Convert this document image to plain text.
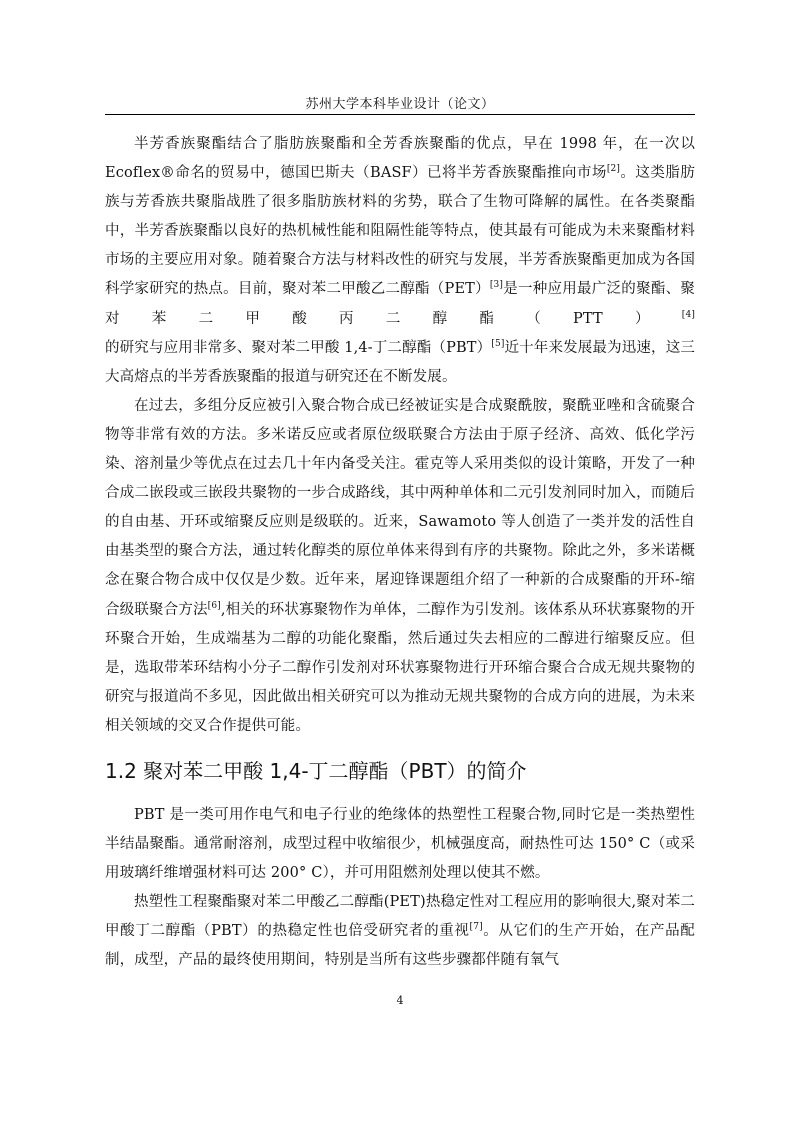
苏州大学本科毕业设计（论文）

半芳香族聚酯结合了脂肪族聚酯和全芳香族聚酯的优点，早在 1998 年，在一次以 Ecoflex®命名的贸易中，德国巴斯夫（BASF）已将半芳香族聚酯推向市场[2]。这类脂肪族与芳香族共聚脂战胜了很多脂肪族材料的劣势，联合了生物可降解的属性。在各类聚酯中，半芳香族聚酯以良好的热机械性能和阻隔性能等特点，使其最有可能成为未来聚酯材料市场的主要应用对象。随着聚合方法与材料改性的研究与发展，半芳香族聚酯更加成为各国科学家研究的热点。目前，聚对苯二甲酸乙二醇酯（PET）[3]是一种应用最广泛的聚酯、聚对苯二甲酸丙二醇酯（PTT）[4]的研究与应用非常多、聚对苯二甲酸 1,4-丁二醇酯（PBT）[5]近十年来发展最为迅速，这三大高熔点的半芳香族聚酯的报道与研究还在不断发展。

在过去，多组分反应被引入聚合物合成已经被证实是合成聚酰胺，聚酰亚唑和含硫聚合物等非常有效的方法。多米诺反应或者原位级联聚合方法由于原子经济、高效、低化学污染、溶剂量少等优点在过去几十年内备受关注。霍克等人采用类似的设计策略，开发了一种合成二嵌段或三嵌段共聚物的一步合成路线，其中两种单体和二元引发剂同时加入，而随后的自由基、开环或缩聚反应则是级联的。近来，Sawamoto 等人创造了一类并发的活性自由基类型的聚合方法，通过转化醇类的原位单体来得到有序的共聚物。除此之外，多米诺概念在聚合物合成中仅仅是少数。近年来，屠迎锋课题组介绍了一种新的合成聚酯的开环-缩合级联聚合方法[6],相关的环状寡聚物作为单体，二醇作为引发剂。该体系从环状寡聚物的开环聚合开始，生成端基为二醇的功能化聚酯，然后通过失去相应的二醇进行缩聚反应。但是，选取带苯环结构小分子二醇作引发剂对环状寡聚物进行开环缩合聚合合成无规共聚物的研究与报道尚不多见，因此做出相关研究可以为推动无规共聚物的合成方向的进展，为未来相关领域的交叉合作提供可能。

1.2 聚对苯二甲酸 1,4-丁二醇酯（PBT）的简介

PBT 是一类可用作电气和电子行业的绝缘体的热塑性工程聚合物,同时它是一类热塑性半结晶聚酯。通常耐溶剂，成型过程中收缩很少，机械强度高，耐热性可达 150° C（或采用玻璃纤维增强材料可达 200° C），并可用阻燃剂处理以使其不燃。

热塑性工程聚酯聚对苯二甲酸乙二醇酯(PET)热稳定性对工程应用的影响很大,聚对苯二甲酸丁二醇酯（PBT）的热稳定性也倍受研究者的重视[7]。从它们的生产开始，在产品配制，成型，产品的最终使用期间，特别是当所有这些步骤都伴随有氧气

4
